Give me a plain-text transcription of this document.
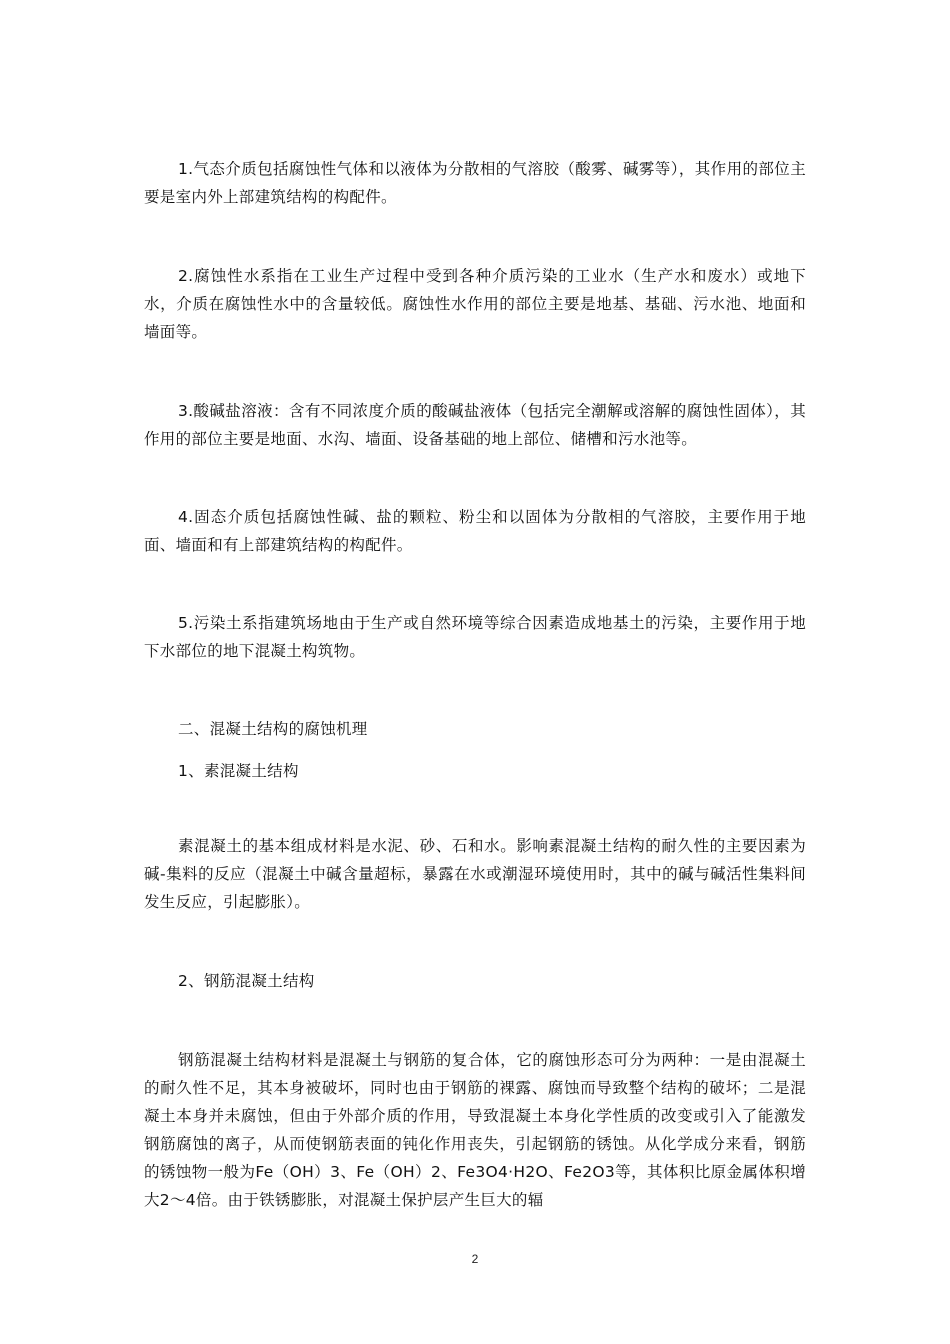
1.气态介质包括腐蚀性气体和以液体为分散相的气溶胶（酸雾、碱雾等），其作用的部位主要是室内外上部建筑结构的构配件。

2.腐蚀性水系指在工业生产过程中受到各种介质污染的工业水（生产水和废水）或地下水，介质在腐蚀性水中的含量较低。腐蚀性水作用的部位主要是地基、基础、污水池、地面和墙面等。

3.酸碱盐溶液：含有不同浓度介质的酸碱盐液体（包括完全潮解或溶解的腐蚀性固体），其作用的部位主要是地面、水沟、墙面、设备基础的地上部位、储槽和污水池等。

4.固态介质包括腐蚀性碱、盐的颗粒、粉尘和以固体为分散相的气溶胶，主要作用于地面、墙面和有上部建筑结构的构配件。

5.污染土系指建筑场地由于生产或自然环境等综合因素造成地基土的污染，主要作用于地下水部位的地下混凝土构筑物。

二、混凝土结构的腐蚀机理

1、素混凝土结构

素混凝土的基本组成材料是水泥、砂、石和水。影响素混凝土结构的耐久性的主要因素为碱-集料的反应（混凝土中碱含量超标，暴露在水或潮湿环境使用时，其中的碱与碱活性集料间发生反应，引起膨胀）。

2、钢筋混凝土结构

钢筋混凝土结构材料是混凝土与钢筋的复合体，它的腐蚀形态可分为两种：一是由混凝土的耐久性不足，其本身被破坏，同时也由于钢筋的裸露、腐蚀而导致整个结构的破坏；二是混凝土本身并未腐蚀，但由于外部介质的作用，导致混凝土本身化学性质的改变或引入了能激发钢筋腐蚀的离子，从而使钢筋表面的钝化作用丧失，引起钢筋的锈蚀。从化学成分来看，钢筋的锈蚀物一般为Fe（OH）3、Fe（OH）2、Fe3O4·H2O、Fe2O3等，其体积比原金属体积增大2～4倍。由于铁锈膨胀，对混凝土保护层产生巨大的辐

2
